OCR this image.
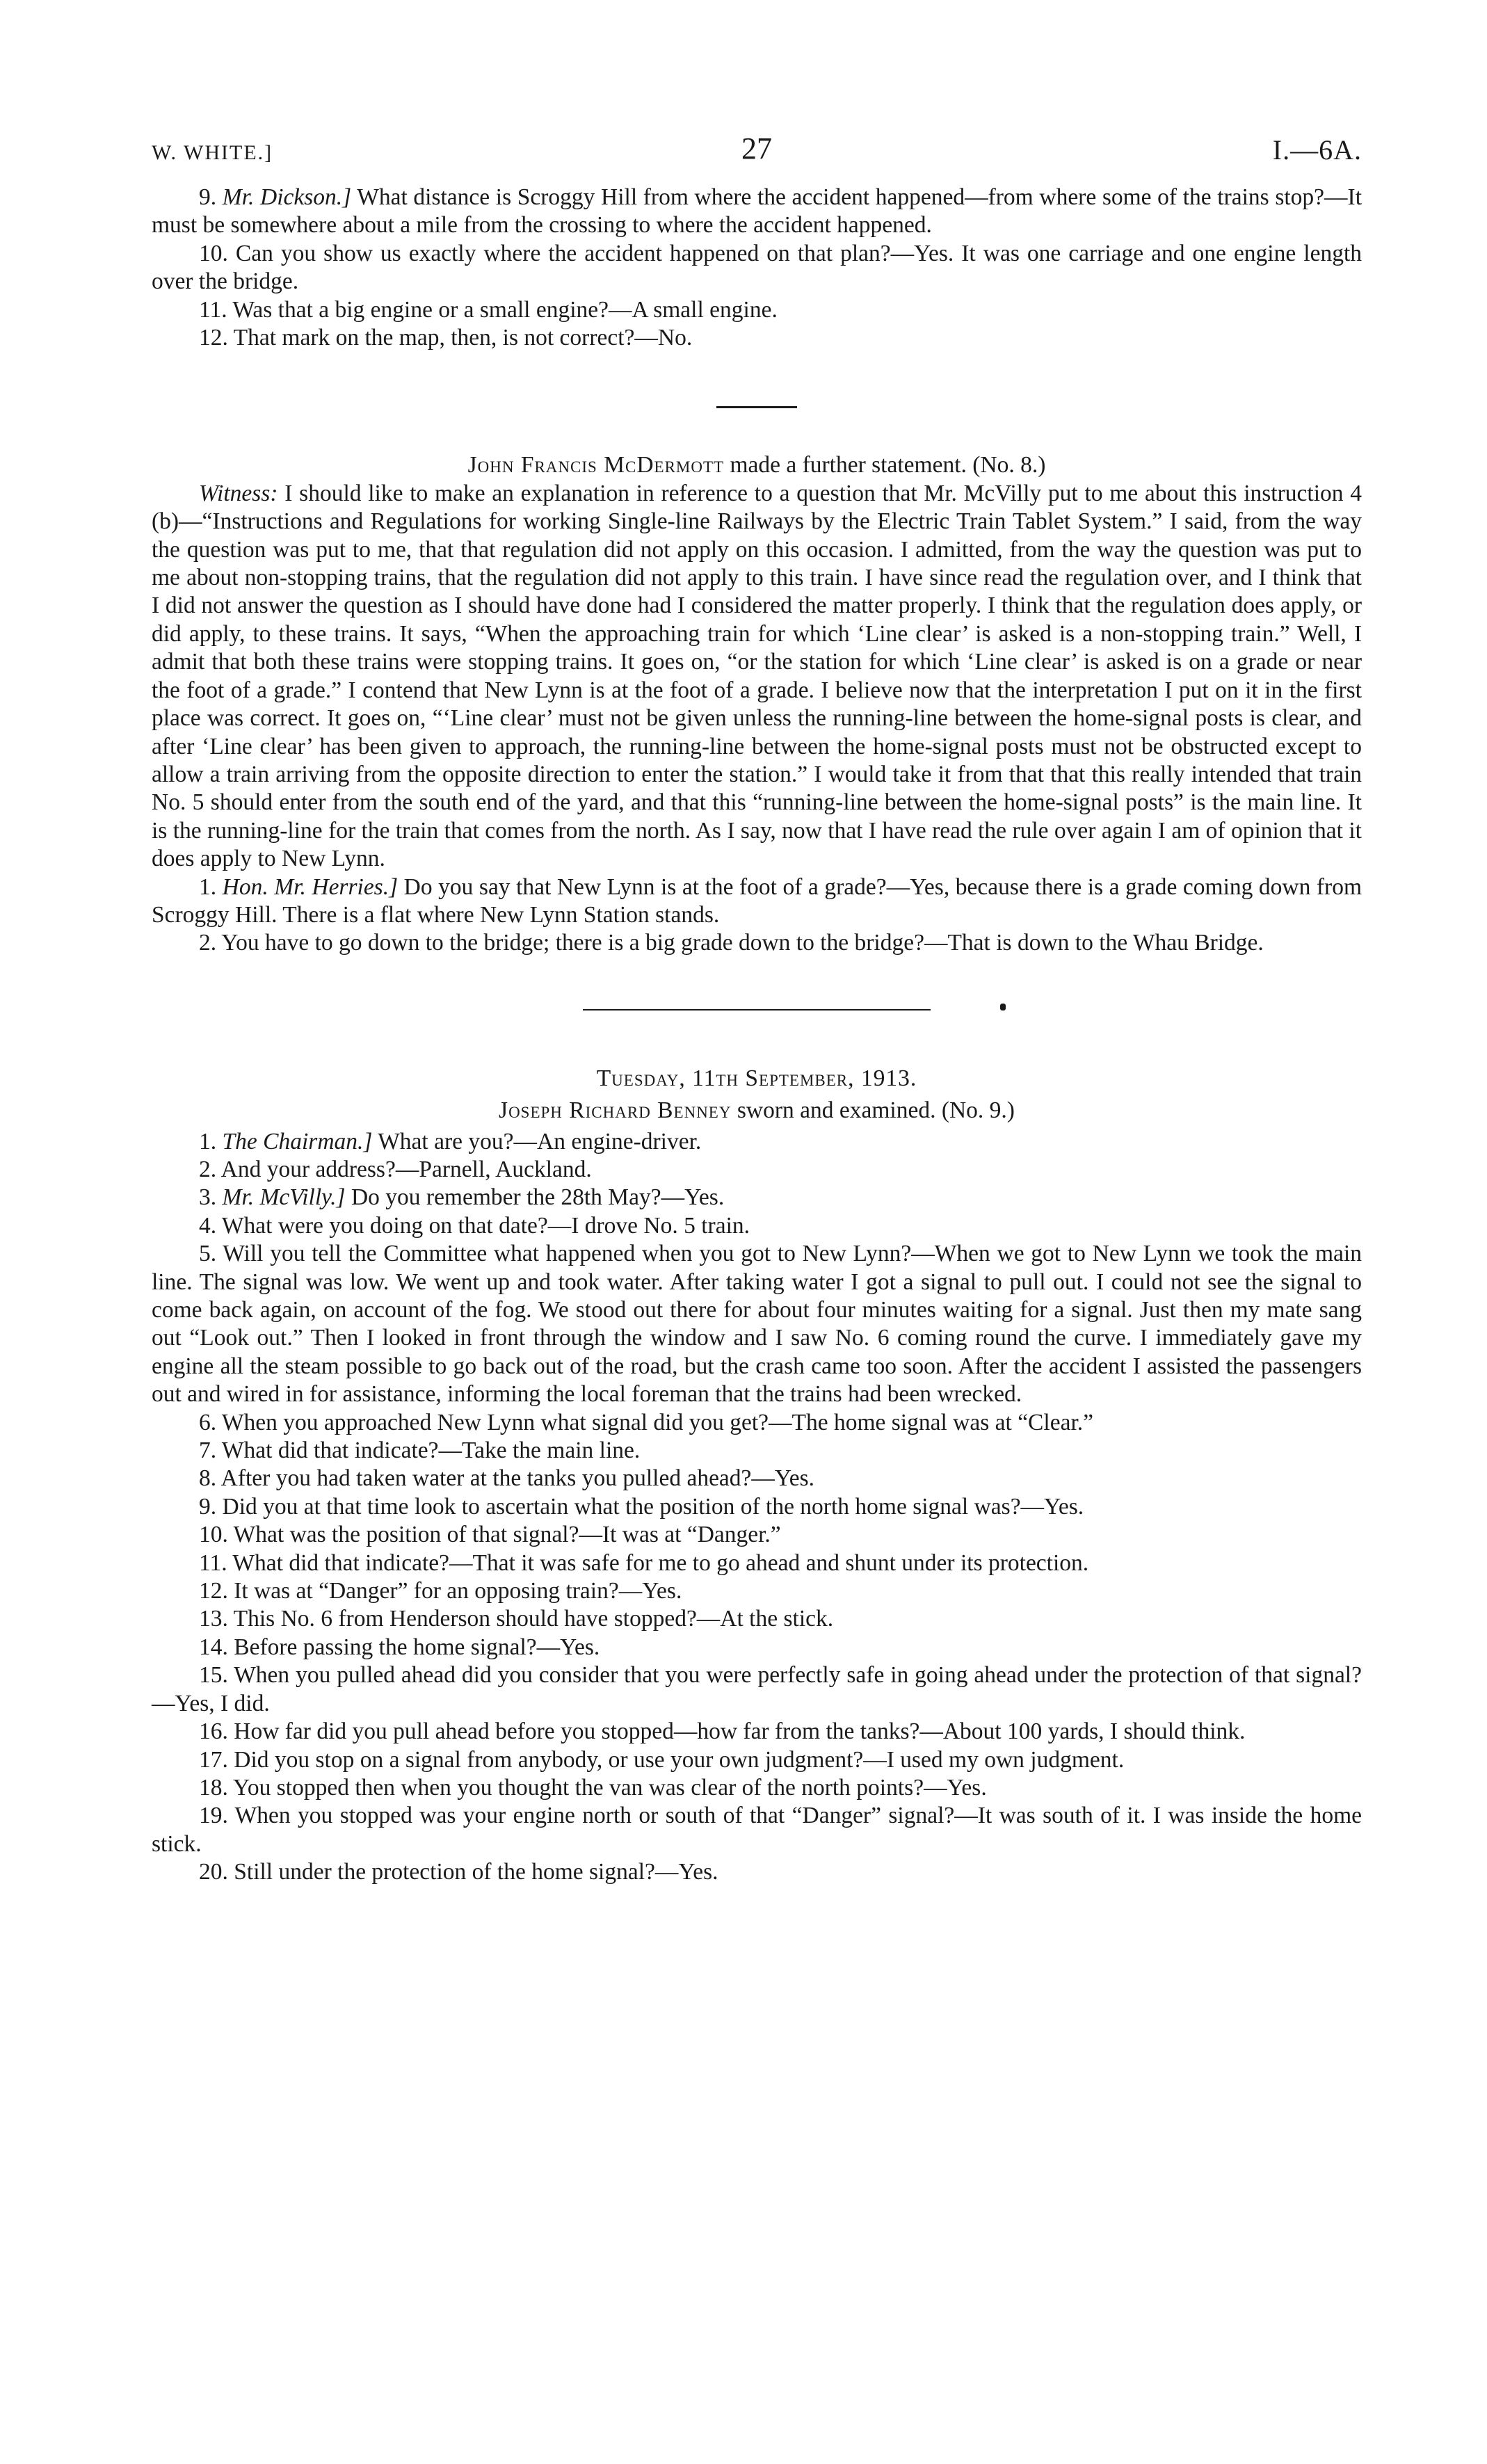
W. WHITE.]	27	I.—6A.

9. Mr. Dickson.] What distance is Scroggy Hill from where the accident happened—from where some of the trains stop?—It must be somewhere about a mile from the crossing to where the accident happened.

10. Can you show us exactly where the accident happened on that plan?—Yes. It was one carriage and one engine length over the bridge.

11. Was that a big engine or a small engine?—A small engine.

12. That mark on the map, then, is not correct?—No.

John Francis McDermott made a further statement. (No. 8.)

Witness: I should like to make an explanation in reference to a question that Mr. McVilly put to me about this instruction 4 (b)—“Instructions and Regulations for working Single-line Railways by the Electric Train Tablet System.” I said, from the way the question was put to me, that that regulation did not apply on this occasion. I admitted, from the way the question was put to me about non-stopping trains, that the regulation did not apply to this train. I have since read the regulation over, and I think that I did not answer the question as I should have done had I considered the matter properly. I think that the regulation does apply, or did apply, to these trains. It says, “When the approaching train for which ‘Line clear’ is asked is a non-stopping train.” Well, I admit that both these trains were stopping trains. It goes on, “or the station for which ‘Line clear’ is asked is on a grade or near the foot of a grade.” I contend that New Lynn is at the foot of a grade. I believe now that the interpretation I put on it in the first place was correct. It goes on, “‘Line clear’ must not be given unless the running-line between the home-signal posts is clear, and after ‘Line clear’ has been given to approach, the running-line between the home-signal posts must not be obstructed except to allow a train arriving from the opposite direction to enter the station.” I would take it from that that this really intended that train No. 5 should enter from the south end of the yard, and that this “running-line between the home-signal posts” is the main line. It is the running-line for the train that comes from the north. As I say, now that I have read the rule over again I am of opinion that it does apply to New Lynn.

1. Hon. Mr. Herries.] Do you say that New Lynn is at the foot of a grade?—Yes, because there is a grade coming down from Scroggy Hill. There is a flat where New Lynn Station stands.

2. You have to go down to the bridge; there is a big grade down to the bridge?—That is down to the Whau Bridge.

Tuesday, 11th September, 1913.

Joseph Richard Benney sworn and examined. (No. 9.)

1. The Chairman.] What are you?—An engine-driver.

2. And your address?—Parnell, Auckland.

3. Mr. McVilly.] Do you remember the 28th May?—Yes.

4. What were you doing on that date?—I drove No. 5 train.

5. Will you tell the Committee what happened when you got to New Lynn?—When we got to New Lynn we took the main line. The signal was low. We went up and took water. After taking water I got a signal to pull out. I could not see the signal to come back again, on account of the fog. We stood out there for about four minutes waiting for a signal. Just then my mate sang out “Look out.” Then I looked in front through the window and I saw No. 6 coming round the curve. I immediately gave my engine all the steam possible to go back out of the road, but the crash came too soon. After the accident I assisted the passengers out and wired in for assistance, informing the local foreman that the trains had been wrecked.

6. When you approached New Lynn what signal did you get?—The home signal was at “Clear.”

7. What did that indicate?—Take the main line.

8. After you had taken water at the tanks you pulled ahead?—Yes.

9. Did you at that time look to ascertain what the position of the north home signal was?—Yes.

10. What was the position of that signal?—It was at “Danger.”

11. What did that indicate?—That it was safe for me to go ahead and shunt under its protection.

12. It was at “Danger” for an opposing train?—Yes.

13. This No. 6 from Henderson should have stopped?—At the stick.

14. Before passing the home signal?—Yes.

15. When you pulled ahead did you consider that you were perfectly safe in going ahead under the protection of that signal?—Yes, I did.

16. How far did you pull ahead before you stopped—how far from the tanks?—About 100 yards, I should think.

17. Did you stop on a signal from anybody, or use your own judgment?—I used my own judgment.

18. You stopped then when you thought the van was clear of the north points?—Yes.

19. When you stopped was your engine north or south of that “Danger” signal?—It was south of it. I was inside the home stick.

20. Still under the protection of the home signal?—Yes.
